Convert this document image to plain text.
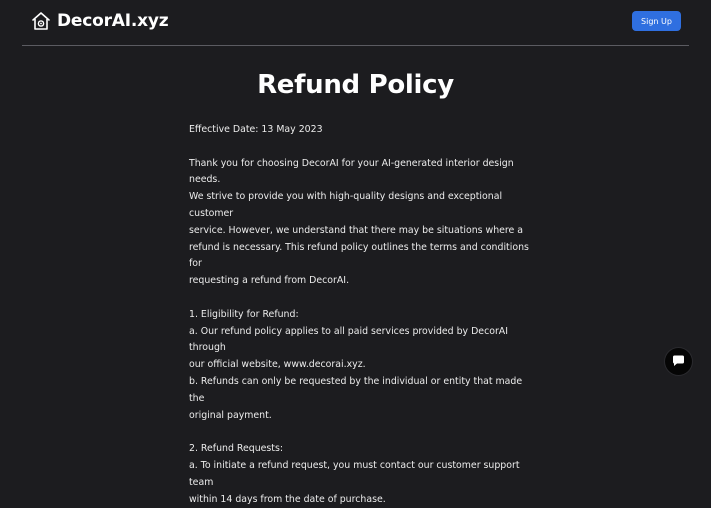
DecorAI.xyz	Sign Up
Refund Policy

Effective Date: 13 May 2023

Thank you for choosing DecorAI for your AI-generated interior design needs.

We strive to provide you with high-quality designs and exceptional customer

service. However, we understand that there may be situations where a

refund is necessary. This refund policy outlines the terms and conditions for

requesting a refund from DecorAI.

1. Eligibility for Refund:

a. Our refund policy applies to all paid services provided by DecorAI through

our official website, www.decorai.xyz.

b. Refunds can only be requested by the individual or entity that made the

original payment.

2. Refund Requests:

a. To initiate a refund request, you must contact our customer support team

within 14 days from the date of purchase.
